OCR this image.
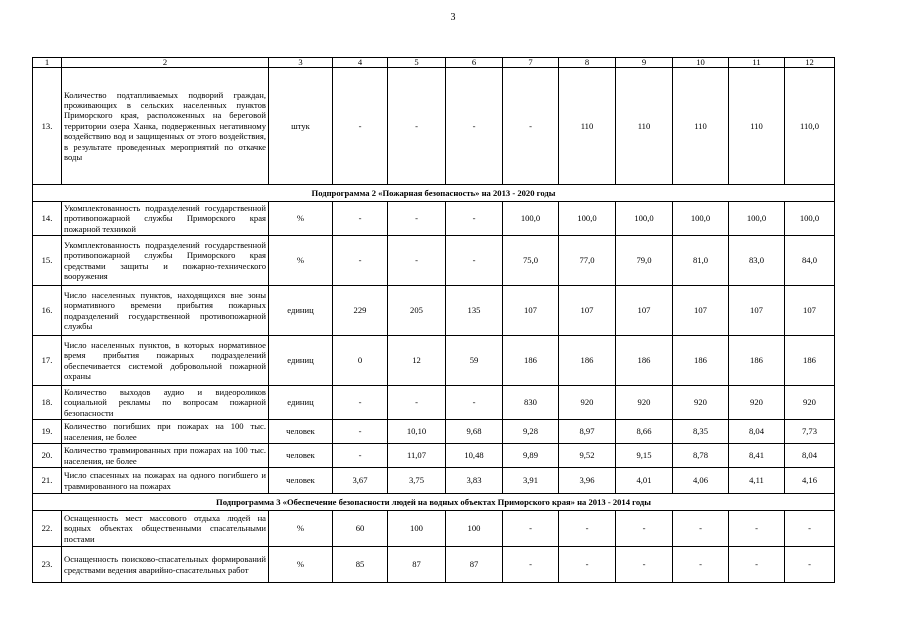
3
1	2	3	4	5	6	7	8	9	10	11	12
13.	Количество подтапливаемых подворий граждан, проживающих в сельских населенных пунктов Приморского края, расположенных на береговой территории озера Ханка, подверженных негативному воздействию вод и защищенных от этого воздействия, в результате проведенных мероприятий по откачке воды	штук	-	-	-	-	110	110	110	110	110,0
Подпрограмма 2 «Пожарная безопасность» на 2013 - 2020 годы											
14.	Укомплектованность подразделений государственной противопожарной службы Приморского края пожарной техникой	%	-	-	-	100,0	100,0	100,0	100,0	100,0	100,0
15.	Укомплектованность подразделений государственной противопожарной службы Приморского края средствами защиты и пожарно-технического вооружения	%	-	-	-	75,0	77,0	79,0	81,0	83,0	84,0
16.	Число населенных пунктов, находящихся вне зоны нормативного времени прибытия пожарных подразделений государственной противопожарной службы	единиц	229	205	135	107	107	107	107	107	107
17.	Число населенных пунктов, в которых нормативное время прибытия пожарных подразделений обеспечивается системой добровольной пожарной охраны	единиц	0	12	59	186	186	186	186	186	186
18.	Количество выходов аудио и видеороликов социальной рекламы по вопросам пожарной безопасности	единиц	-	-	-	830	920	920	920	920	920
19.	Количество погибших при пожарах на 100 тыс. населения, не более	человек	-	10,10	9,68	9,28	8,97	8,66	8,35	8,04	7,73
20.	Количество травмированных при пожарах на 100 тыс. населения, не более	человек	-	11,07	10,48	9,89	9,52	9,15	8,78	8,41	8,04
21.	Число спасенных на пожарах на одного погибшего и травмированного на пожарах	человек	3,67	3,75	3,83	3,91	3,96	4,01	4,06	4,11	4,16
Подпрограмма 3 «Обеспечение безопасности людей на водных объектах Приморского края» на 2013 - 2014 годы											
22.	Оснащенность мест массового отдыха людей на водных объектах общественными спасательными постами	%	60	100	100	-	-	-	-	-	-
23.	Оснащенность поисково-спасательных формирований средствами ведения аварийно-спасательных работ	%	85	87	87	-	-	-	-	-	-
